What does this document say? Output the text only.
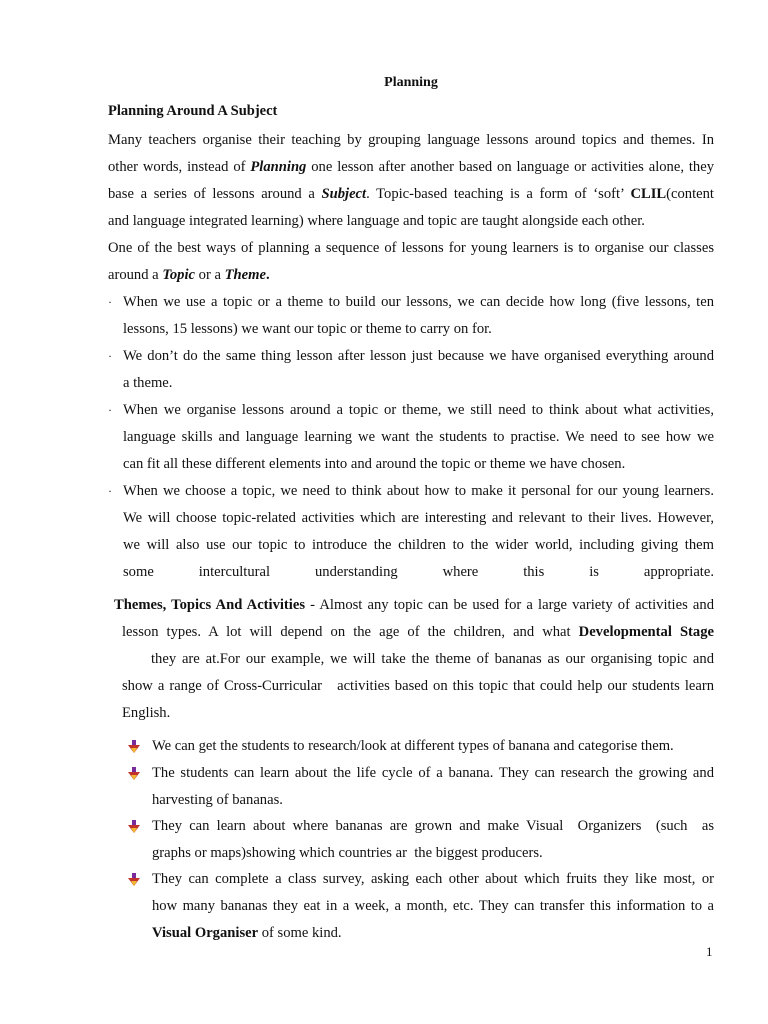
Planning
Planning Around A Subject
Many teachers organise their teaching by grouping language lessons around topics and themes. In
other words, instead of Planning one lesson after another based on language or activities alone, they
base a series of lessons around a Subject. Topic-based teaching is a form of ‘soft’ CLIL(content
and language integrated learning) where language and topic are taught alongside each other.
One of the best ways of planning a sequence of lessons for young learners is to organise our classes
around a Topic or a Theme.
· When we use a topic or a theme to build our lessons, we can decide how long (five lessons, ten
lessons, 15 lessons) we want our topic or theme to carry on for.
· We don’t do the same thing lesson after lesson just because we have organised everything around
a theme.
· When we organise lessons around a topic or theme, we still need to think about what activities,
language skills and language learning we want the students to practise. We need to see how we
can fit all these different elements into and around the topic or theme we have chosen.
· When we choose a topic, we need to think about how to make it personal for our young learners.
We will choose topic-related activities which are interesting and relevant to their lives. However,
we will also use our topic to introduce the children to the wider world, including giving them
some intercultural understanding	where this is appropriate.
Themes, Topics And Activities - Almost any topic can be used for a large variety of activities and
lesson types. A lot will depend on the age of the children, and what Developmental Stage
they are at.For our example, we will take the theme of bananas as our organising topic and
show a range of Cross-Curricular   activities based on this topic that could help our students learn
English.
We can get the students to research/look at different types of banana and categorise them.
The students can learn about the life cycle of a banana. They can research the growing and
harvesting of bananas.
They can learn about where bananas are grown and make Visual  Organizers  (such  as
graphs or maps)showing which countries ar  the biggest producers.
They can complete a class survey, asking each other about which fruits they like most, or
how many bananas they eat in a week, a month, etc. They can transfer this information to a
Visual Organiser of some kind.
1
